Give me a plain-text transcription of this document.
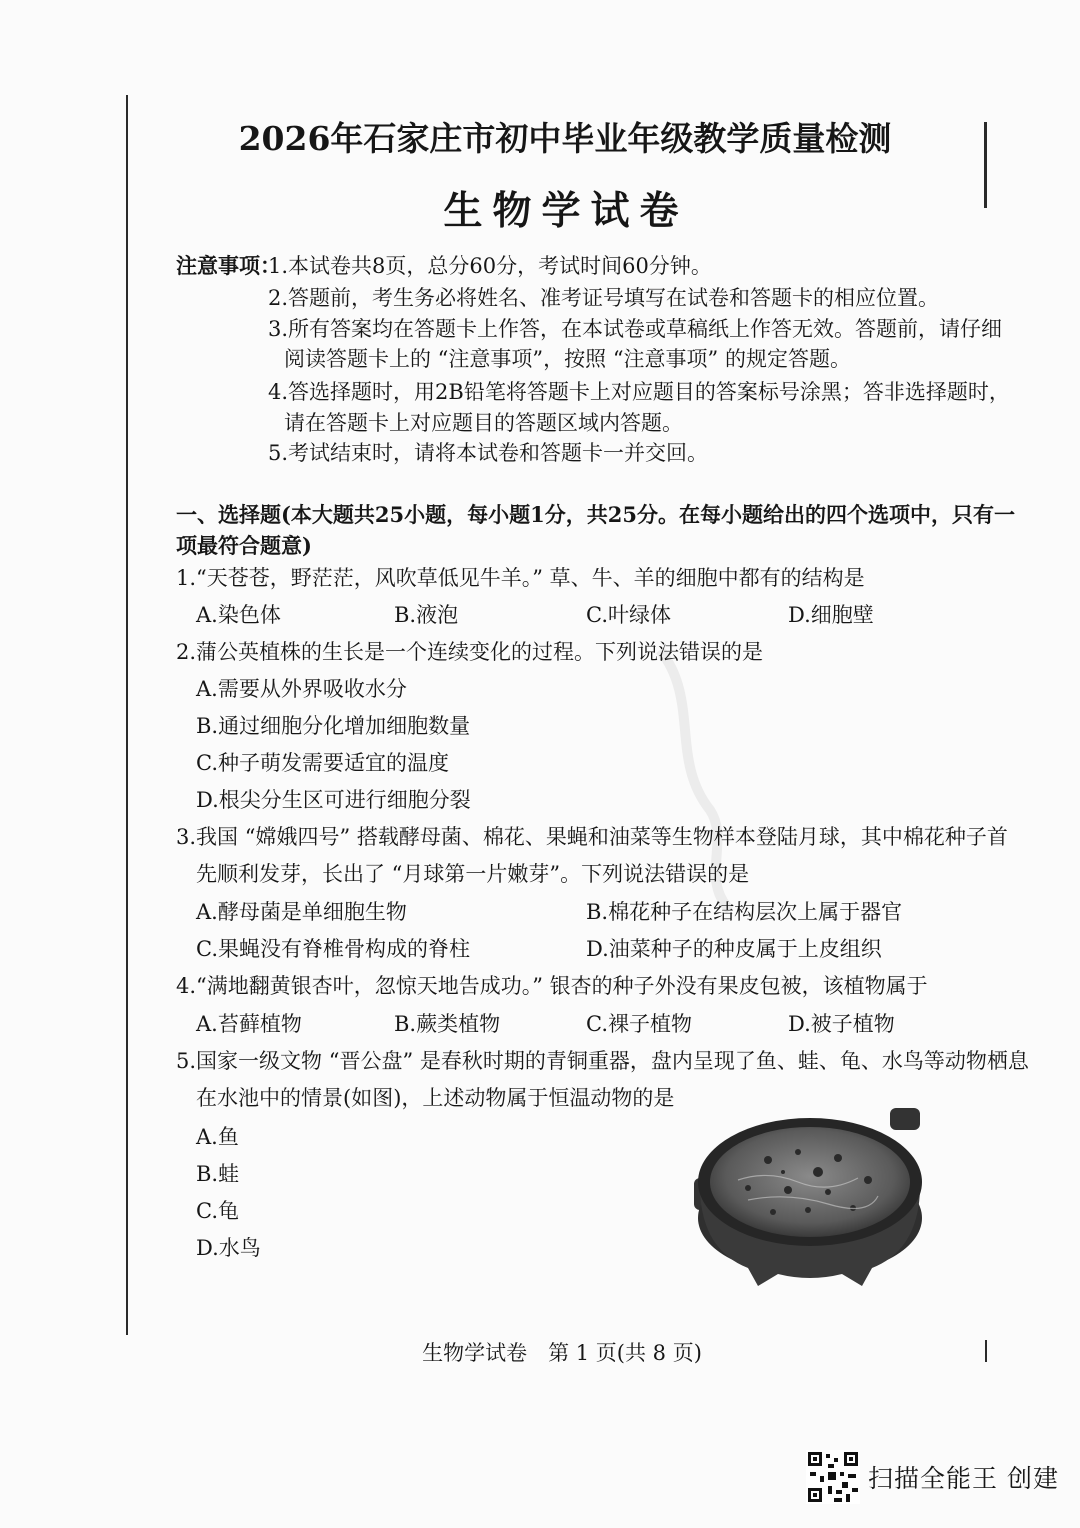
2026年石家庄市初中毕业年级教学质量检测
生物学试卷
注意事项：
1.本试卷共8页，总分60分，考试时间60分钟。
2.答题前，考生务必将姓名、准考证号填写在试卷和答题卡的相应位置。
3.所有答案均在答题卡上作答，在本试卷或草稿纸上作答无效。答题前，请仔细
阅读答题卡上的 “注意事项”，按照 “注意事项” 的规定答题。
4.答选择题时，用2B铅笔将答题卡上对应题目的答案标号涂黑；答非选择题时，
请在答题卡上对应题目的答题区域内答题。
5.考试结束时，请将本试卷和答题卡一并交回。
一、选择题(本大题共25小题，每小题1分，共25分。在每小题给出的四个选项中，只有一
项最符合题意)
1.“天苍苍，野茫茫，风吹草低见牛羊。” 草、牛、羊的细胞中都有的结构是
A.染色体	B.液泡	C.叶绿体	D.细胞壁
2.蒲公英植株的生长是一个连续变化的过程。下列说法错误的是
A.需要从外界吸收水分
B.通过细胞分化增加细胞数量
C.种子萌发需要适宜的温度
D.根尖分生区可进行细胞分裂
3.我国 “嫦娥四号” 搭载酵母菌、棉花、果蝇和油菜等生物样本登陆月球，其中棉花种子首
先顺利发芽，长出了 “月球第一片嫩芽”。下列说法错误的是
A.酵母菌是单细胞生物	B.棉花种子在结构层次上属于器官
C.果蝇没有脊椎骨构成的脊柱	D.油菜种子的种皮属于上皮组织
4.“满地翻黄银杏叶，忽惊天地告成功。” 银杏的种子外没有果皮包被，该植物属于
A.苔藓植物	B.蕨类植物	C.裸子植物	D.被子植物
5.国家一级文物 “晋公盘” 是春秋时期的青铜重器，盘内呈现了鱼、蛙、龟、水鸟等动物栖息
在水池中的情景(如图)，上述动物属于恒温动物的是
A.鱼
B.蛙
C.龟
D.水鸟
生物学试卷　第 1 页(共 8 页)
扫描全能王 创建
